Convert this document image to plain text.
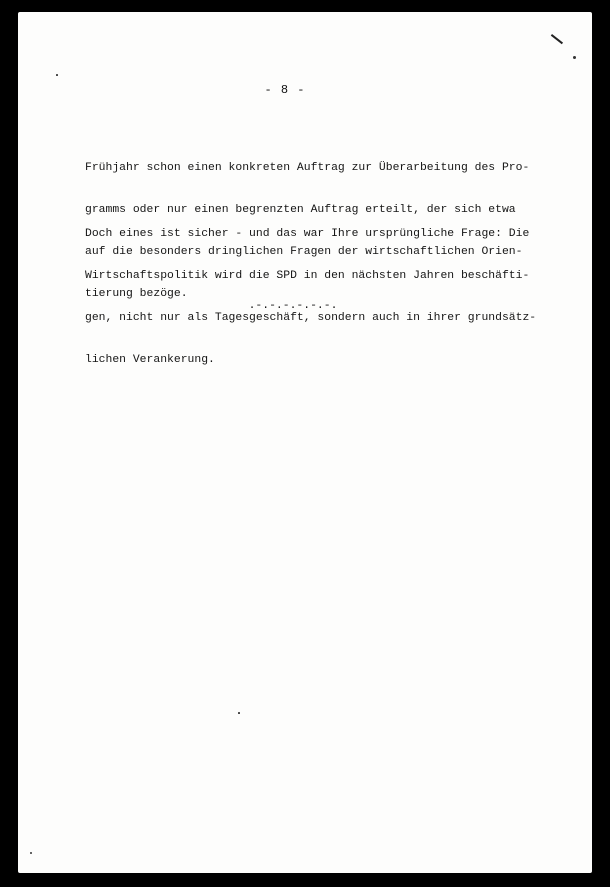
- 8 -

Frühjahr schon einen konkreten Auftrag zur Überarbeitung des Pro-

gramms oder nur einen begrenzten Auftrag erteilt, der sich etwa

auf die besonders dringlichen Fragen der wirtschaftlichen Orien-

tierung bezöge.

Doch eines ist sicher - und das war Ihre ursprüngliche Frage: Die

Wirtschaftspolitik wird die SPD in den nächsten Jahren beschäfti-

gen, nicht nur als Tagesgeschäft, sondern auch in ihrer grundsätz-

lichen Verankerung.

.-.-.-.-.-.-.
